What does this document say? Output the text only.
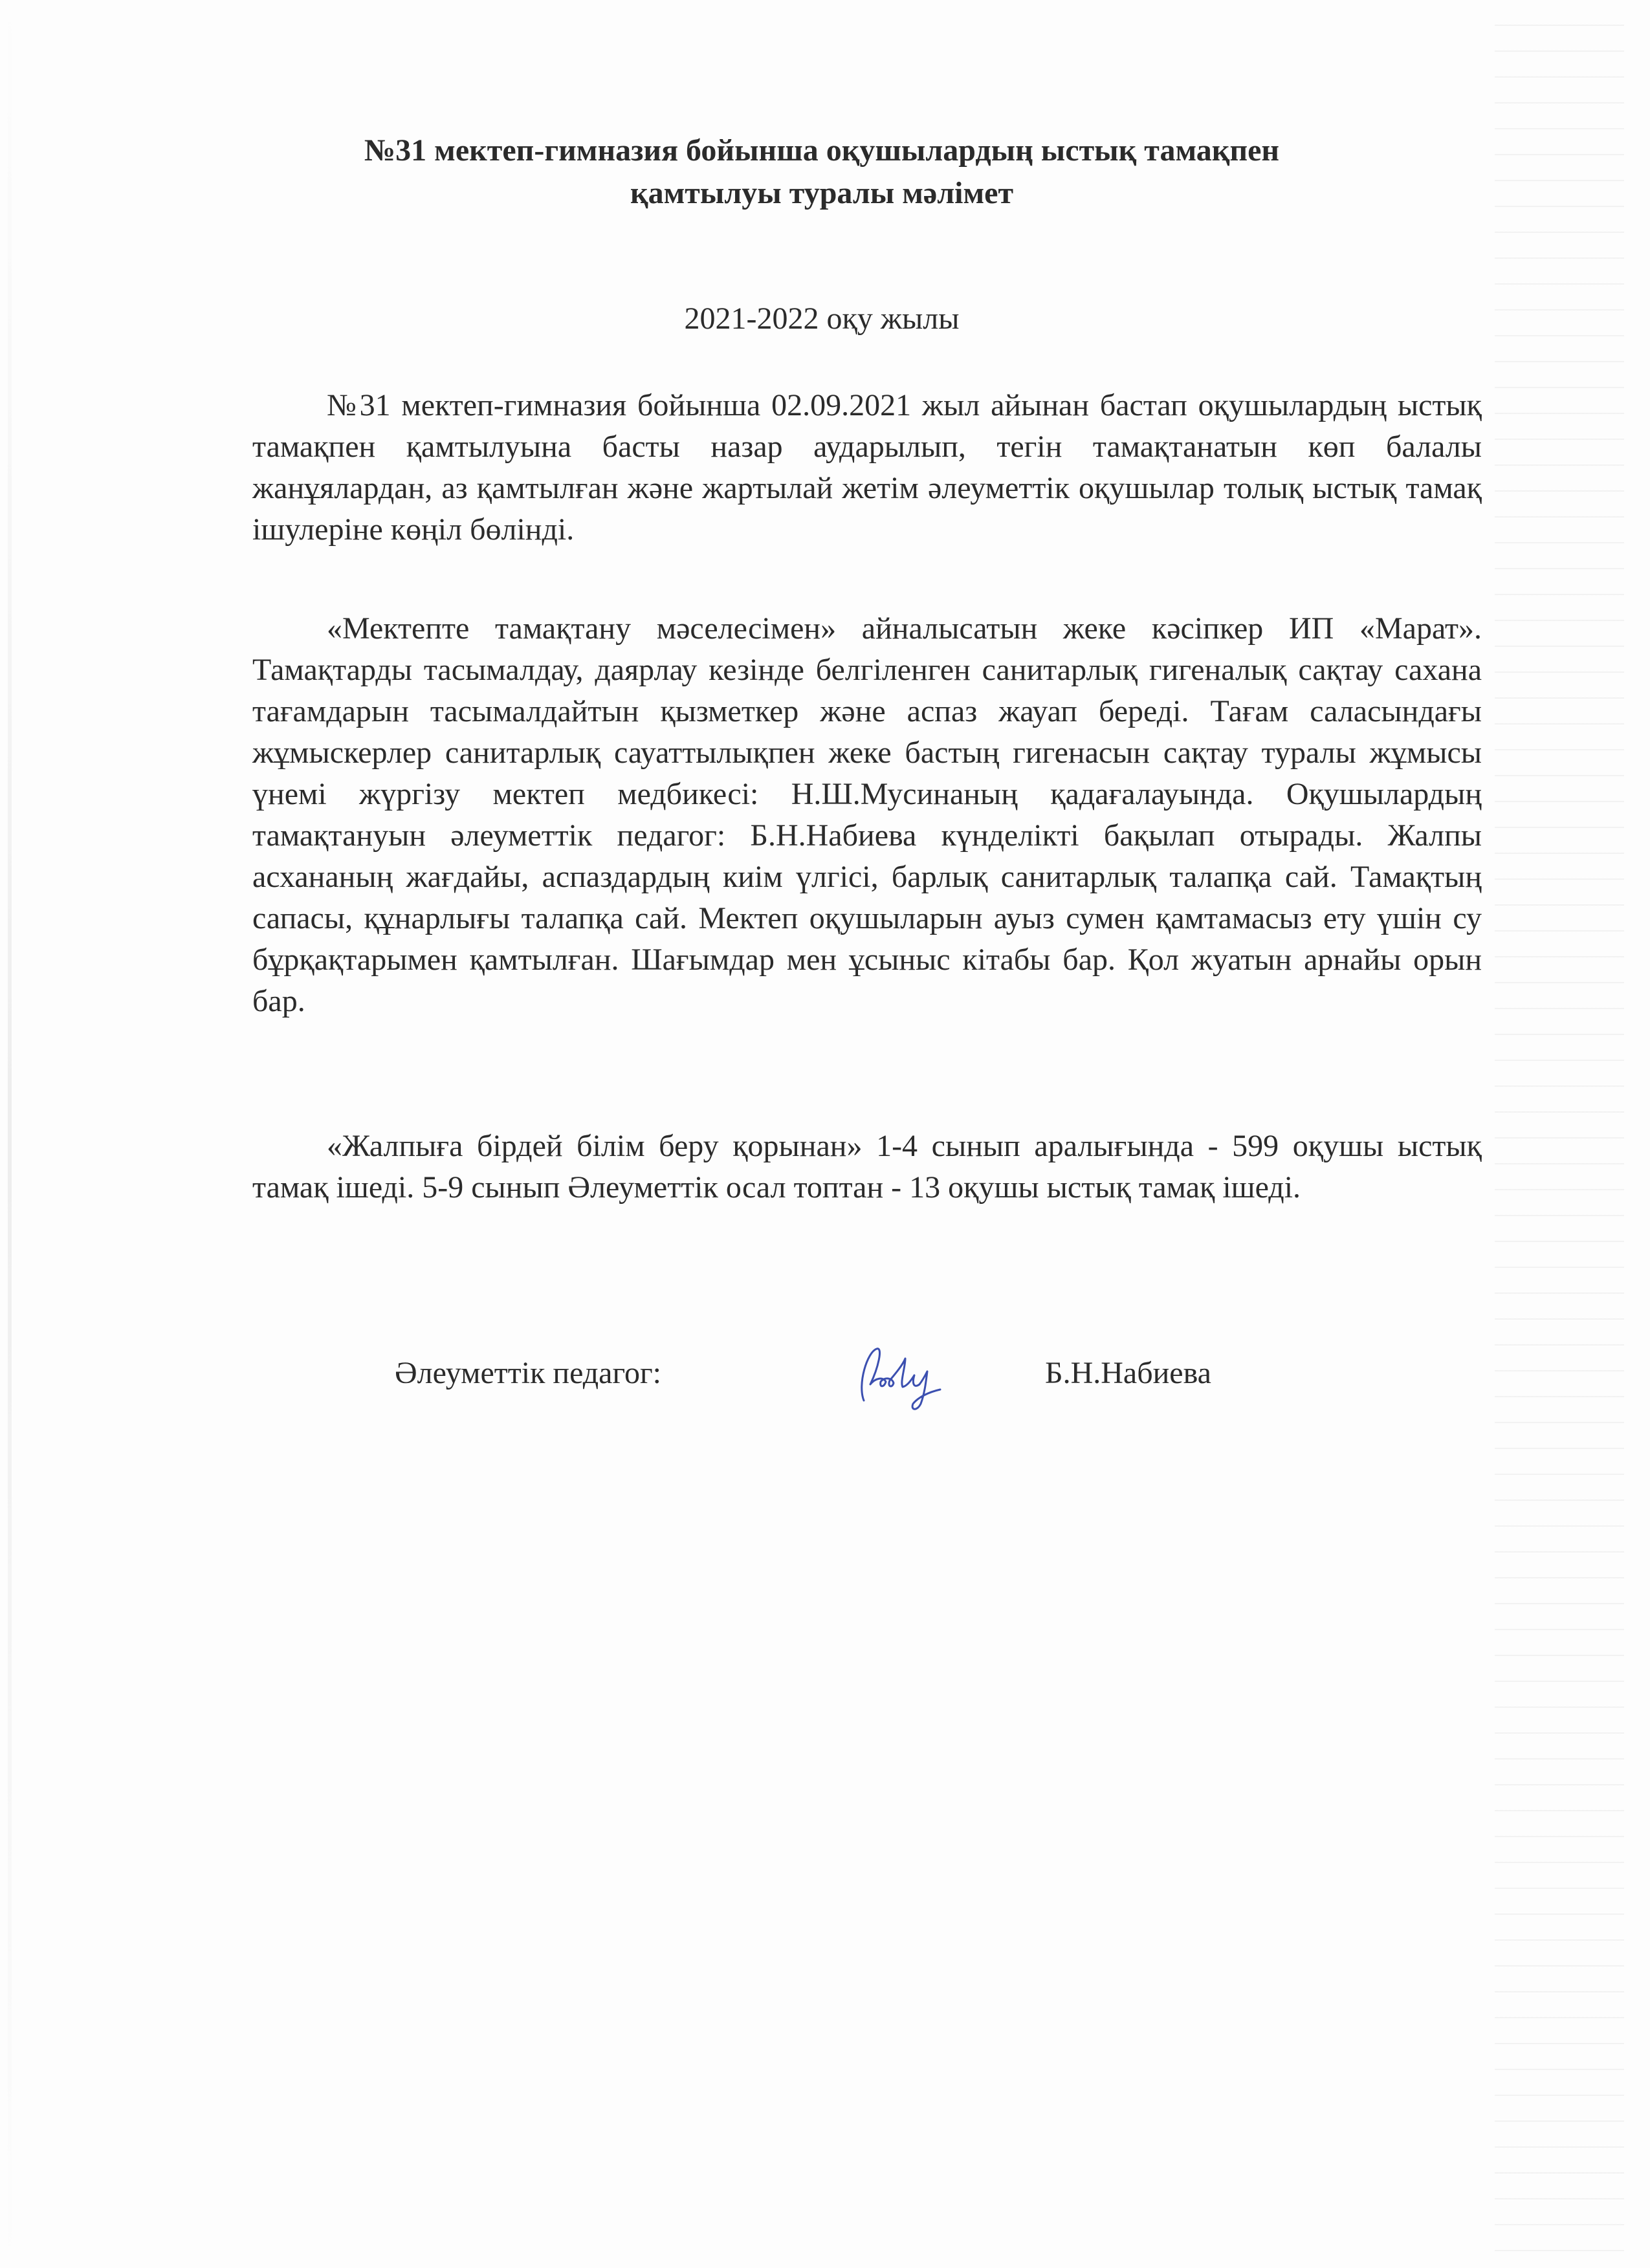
№31 мектеп-гимназия бойынша оқушылардың ыстық тамақпен
қамтылуы туралы мәлімет
2021-2022 оқу жылы

№31 мектеп-гимназия бойынша 02.09.2021 жыл айынан бастап оқушылардың ыстық тамақпен қамтылуына басты назар аударылып, тегін тамақтанатын көп балалы жанұялардан, аз қамтылған және жартылай жетім әлеуметтік оқушылар толық ыстық тамақ ішулеріне көңіл бөлінді.

«Мектепте тамақтану мәселесімен» айналысатын жеке кәсіпкер ИП «Марат». Тамақтарды тасымалдау, даярлау кезінде белгіленген санитарлық гигеналық сақтау сахана тағамдарын тасымалдайтын қызметкер және аспаз жауап береді. Тағам саласындағы жұмыскерлер санитарлық сауаттылықпен жеке бастың гигенасын сақтау туралы жұмысы үнемі жүргізу мектеп медбикесі: Н.Ш.Мусинаның қадағалауында. Оқушылардың тамақтануын әлеуметтік педагог: Б.Н.Набиева күнделікті бақылап отырады. Жалпы асхананың жағдайы, аспаздардың киім үлгісі, барлық санитарлық талапқа сай. Тамақтың сапасы, құнарлығы талапқа сай. Мектеп оқушыларын ауыз сумен қамтамасыз ету үшін су бұрқақтарымен қамтылған. Шағымдар мен ұсыныс кітабы бар. Қол жуатын арнайы орын бар.

«Жалпыға бірдей білім беру қорынан» 1-4 сынып аралығында - 599 оқушы ыстық тамақ ішеді. 5-9 сынып Әлеуметтік осал топтан - 13 оқушы ыстық тамақ ішеді.

Әлеуметтік педагог:	Б.Н.Набиева
